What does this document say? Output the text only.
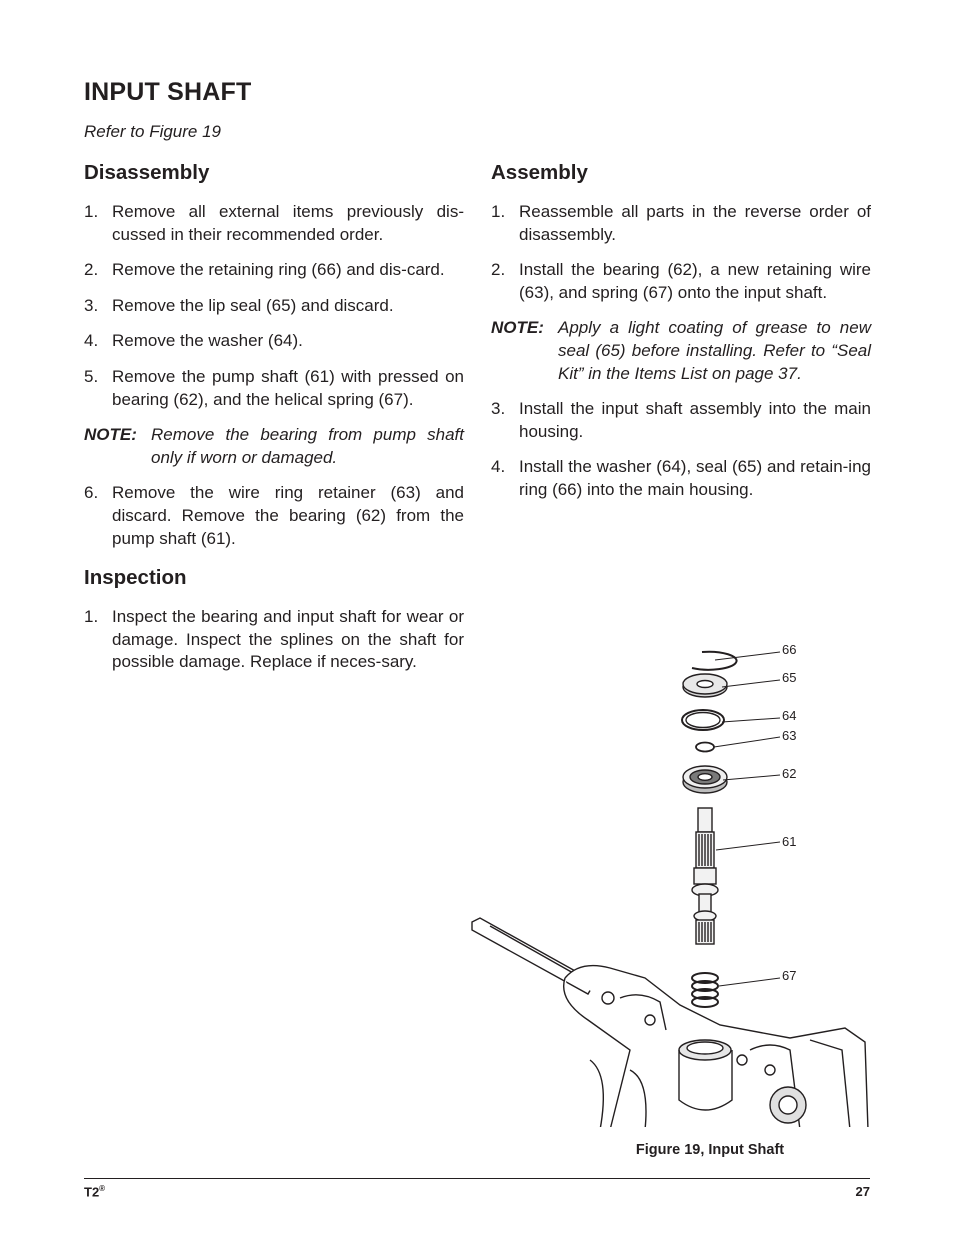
INPUT SHAFT
Refer to Figure 19
Disassembly
1. Remove all external items previously dis-cussed in their recommended order.
2. Remove the retaining ring (66) and dis-card.
3. Remove the lip seal (65) and discard.
4. Remove the washer (64).
5. Remove the pump shaft (61) with pressed on bearing (62), and the helical spring (67).
NOTE: Remove the bearing from pump shaft only if worn or damaged.
6. Remove the wire ring retainer (63) and discard. Remove the bearing (62) from the pump shaft (61).
Inspection
1. Inspect the bearing and input shaft for wear or damage. Inspect the splines on the shaft for possible damage. Replace if neces-sary.
Assembly
1. Reassemble all parts in the reverse order of disassembly.
2. Install the bearing (62), a new retaining wire (63), and spring (67) onto the input shaft.
NOTE: Apply a light coating of grease to new seal (65) before installing. Refer to “Seal Kit” in the Items List on page 37.
3. Install the input shaft assembly into the main housing.
4. Install the washer (64), seal (65) and retain-ing ring (66) into the main housing.
66
65
64
63
62
61
67
Figure 19, Input Shaft
T2®	27
